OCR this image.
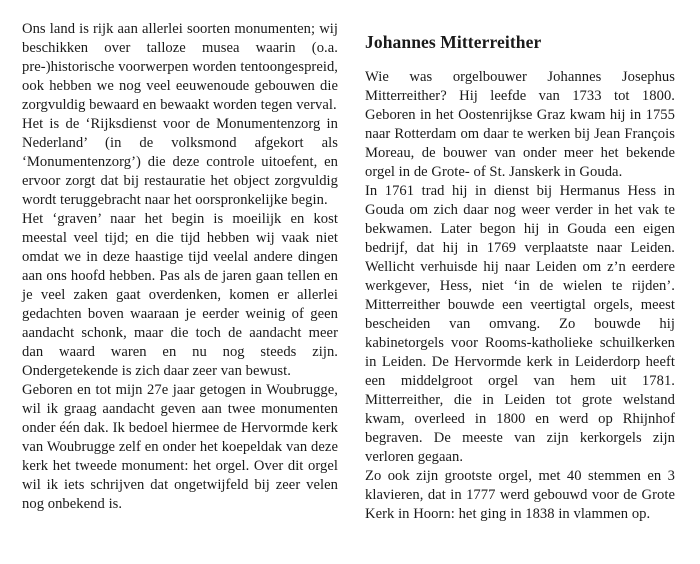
Ons land is rijk aan allerlei soorten monumenten; wij beschikken over talloze musea waarin (o.a. pre-)historische voorwerpen worden tentoongespreid, ook hebben we nog veel eeuwenoude gebouwen die zorgvuldig bewaard en bewaakt worden tegen verval.

Het is de ‘Rijksdienst voor de Monumentenzorg in Nederland’ (in de volksmond afgekort als ‘Monumentenzorg’) die deze controle uitoefent, en ervoor zorgt dat bij restauratie het object zorgvuldig wordt teruggebracht naar het oorspronkelijke begin.

Het ‘graven’ naar het begin is moeilijk en kost meestal veel tijd; en die tijd hebben wij vaak niet omdat we in deze haastige tijd veelal andere dingen aan ons hoofd hebben. Pas als de jaren gaan tellen en je veel zaken gaat overdenken, komen er allerlei gedachten boven waaraan je eerder weinig of geen aandacht schonk, maar die toch de aandacht meer dan waard waren en nu nog steeds zijn. Ondergetekende is zich daar zeer van bewust.

Geboren en tot mijn 27e jaar getogen in Woubrugge, wil ik graag aandacht geven aan twee monumenten onder één dak. Ik bedoel hiermee de Hervormde kerk van Woubrugge zelf en onder het koepeldak van deze kerk het tweede monument: het orgel. Over dit orgel wil ik iets schrijven dat ongetwijfeld bij zeer velen nog onbekend is.

Johannes Mitterreither

Wie was orgelbouwer Johannes Josephus Mitterreither? Hij leefde van 1733 tot 1800. Geboren in het Oostenrijkse Graz kwam hij in 1755 naar Rotterdam om daar te werken bij Jean François Moreau, de bouwer van onder meer het bekende orgel in de Grote- of St. Janskerk in Gouda.

In 1761 trad hij in dienst bij Hermanus Hess in Gouda om zich daar nog weer verder in het vak te bekwamen. Later begon hij in Gouda een eigen bedrijf, dat hij in 1769 verplaatste naar Leiden. Wellicht verhuisde hij naar Leiden om z’n eerdere werkgever, Hess, niet ‘in de wielen te rijden’. Mitterreither bouwde een veertigtal orgels, meest bescheiden van omvang. Zo bouwde hij kabinetorgels voor Rooms-katholieke schuilkerken in Leiden. De Hervormde kerk in Leiderdorp heeft een middelgroot orgel van hem uit 1781. Mitterreither, die in Leiden tot grote welstand kwam, overleed in 1800 en werd op Rhijnhof begraven. De meeste van zijn kerkorgels zijn verloren gegaan.

Zo ook zijn grootste orgel, met 40 stemmen en 3 klavieren, dat in 1777 werd gebouwd voor de Grote Kerk in Hoorn: het ging in 1838 in vlammen op.
